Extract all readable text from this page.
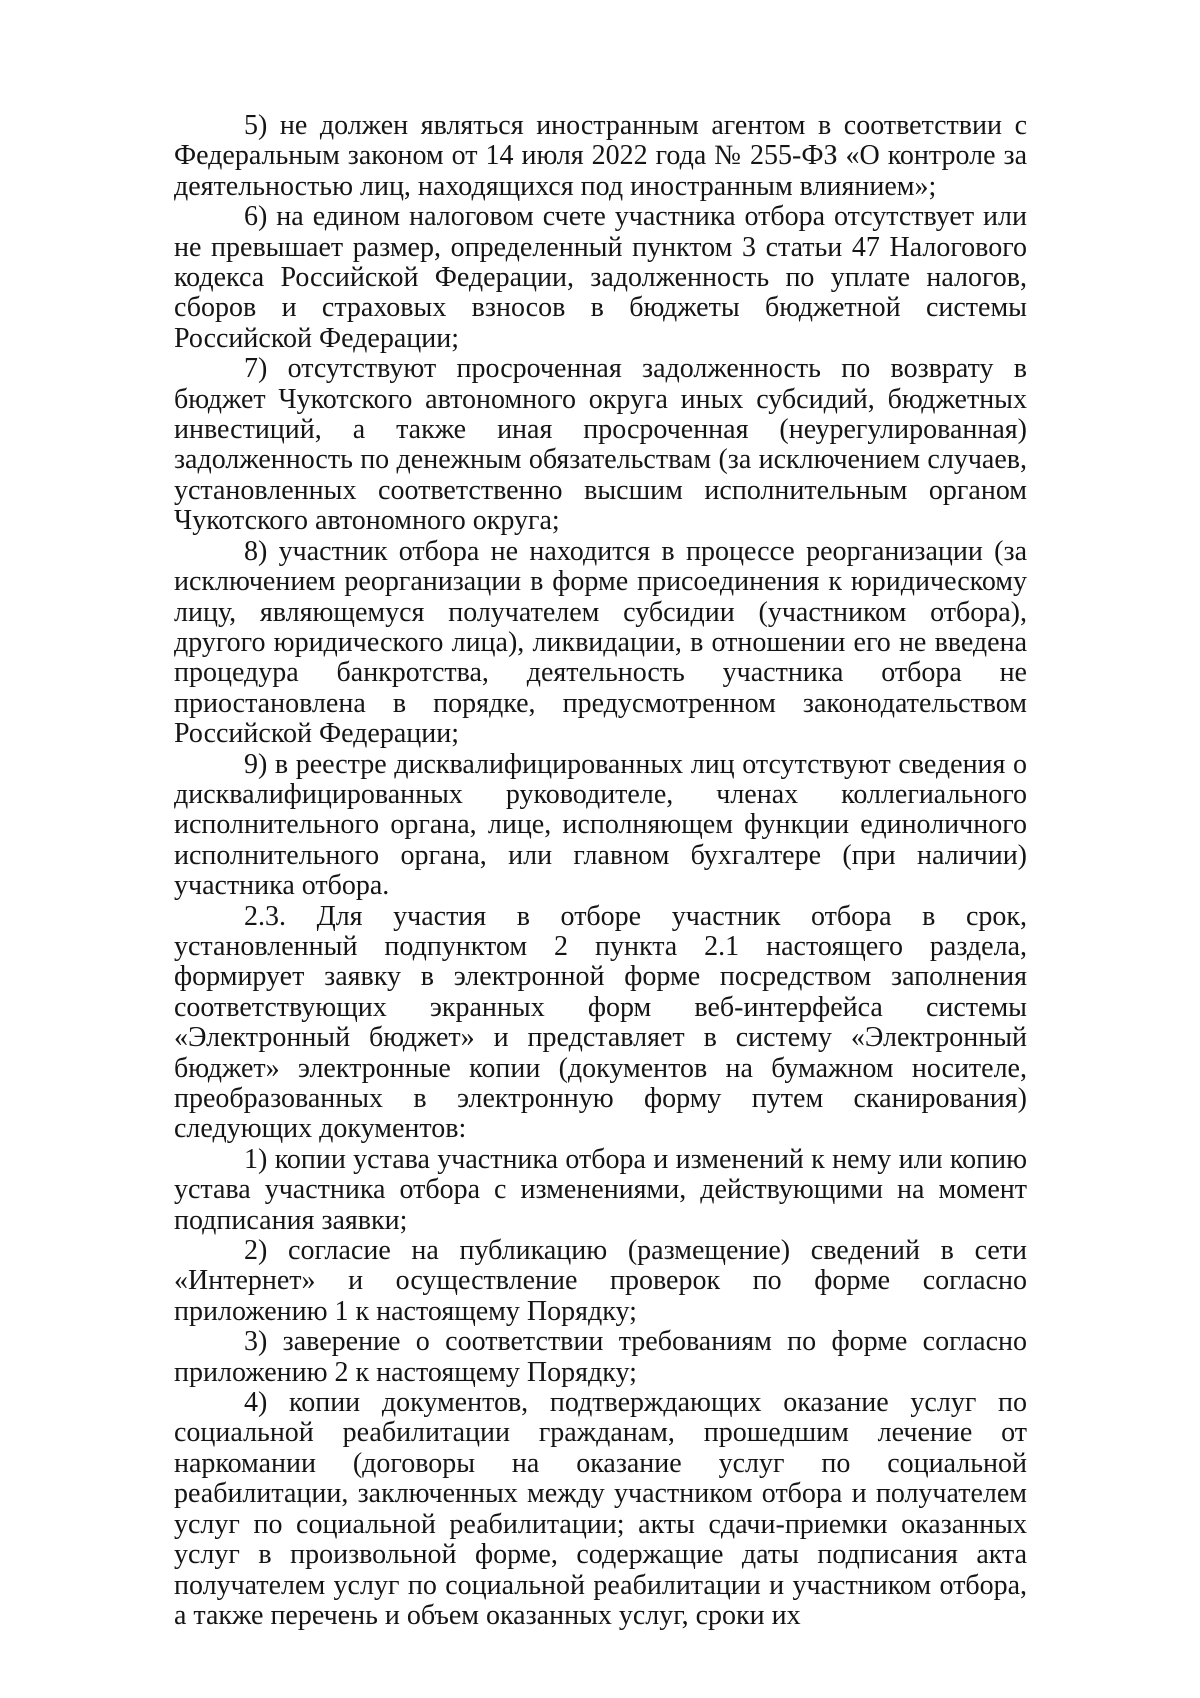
5) не должен являться иностранным агентом в соответствии с Федеральным законом от 14 июля 2022 года № 255-ФЗ «О контроле за деятельностью лиц, находящихся под иностранным влиянием»;

6) на едином налоговом счете участника отбора отсутствует или не превышает размер, определенный пунктом 3 статьи 47 Налогового кодекса Российской Федерации, задолженность по уплате налогов, сборов и страховых взносов в бюджеты бюджетной системы Российской Федерации;

7) отсутствуют просроченная задолженность по возврату в бюджет Чукотского автономного округа иных субсидий, бюджетных инвестиций, а также иная просроченная (неурегулированная) задолженность по денежным обязательствам (за исключением случаев, установленных соответственно высшим исполнительным органом Чукотского автономного округа;

8) участник отбора не находится в процессе реорганизации (за исключением реорганизации в форме присоединения к юридическому лицу, являющемуся получателем субсидии (участником отбора), другого юридического лица), ликвидации, в отношении его не введена процедура банкротства, деятельность участника отбора не приостановлена в порядке, предусмотренном законодательством Российской Федерации;

9) в реестре дисквалифицированных лиц отсутствуют сведения о дисквалифицированных руководителе, членах коллегиального исполнительного органа, лице, исполняющем функции единоличного исполнительного органа, или главном бухгалтере (при наличии) участника отбора.

2.3. Для участия в отборе участник отбора в срок, установленный подпунктом 2 пункта 2.1 настоящего раздела, формирует заявку в электронной форме посредством заполнения соответствующих экранных форм веб-интерфейса системы «Электронный бюджет» и представляет в систему «Электронный бюджет» электронные копии (документов на бумажном носителе, преобразованных в электронную форму путем сканирования) следующих документов:

1) копии устава участника отбора и изменений к нему или копию устава участника отбора с изменениями, действующими на момент подписания заявки;

2) согласие на публикацию (размещение) сведений в сети «Интернет» и осуществление проверок по форме согласно приложению 1 к настоящему Порядку;

3) заверение о соответствии требованиям по форме согласно приложению 2 к настоящему Порядку;

4) копии документов, подтверждающих оказание услуг по социальной реабилитации гражданам, прошедшим лечение от наркомании (договоры на оказание услуг по социальной реабилитации, заключенных между участником отбора и получателем услуг по социальной реабилитации; акты сдачи-приемки оказанных услуг в произвольной форме, содержащие даты подписания акта получателем услуг по социальной реабилитации и участником отбора, а также перечень и объем оказанных услуг, сроки их
